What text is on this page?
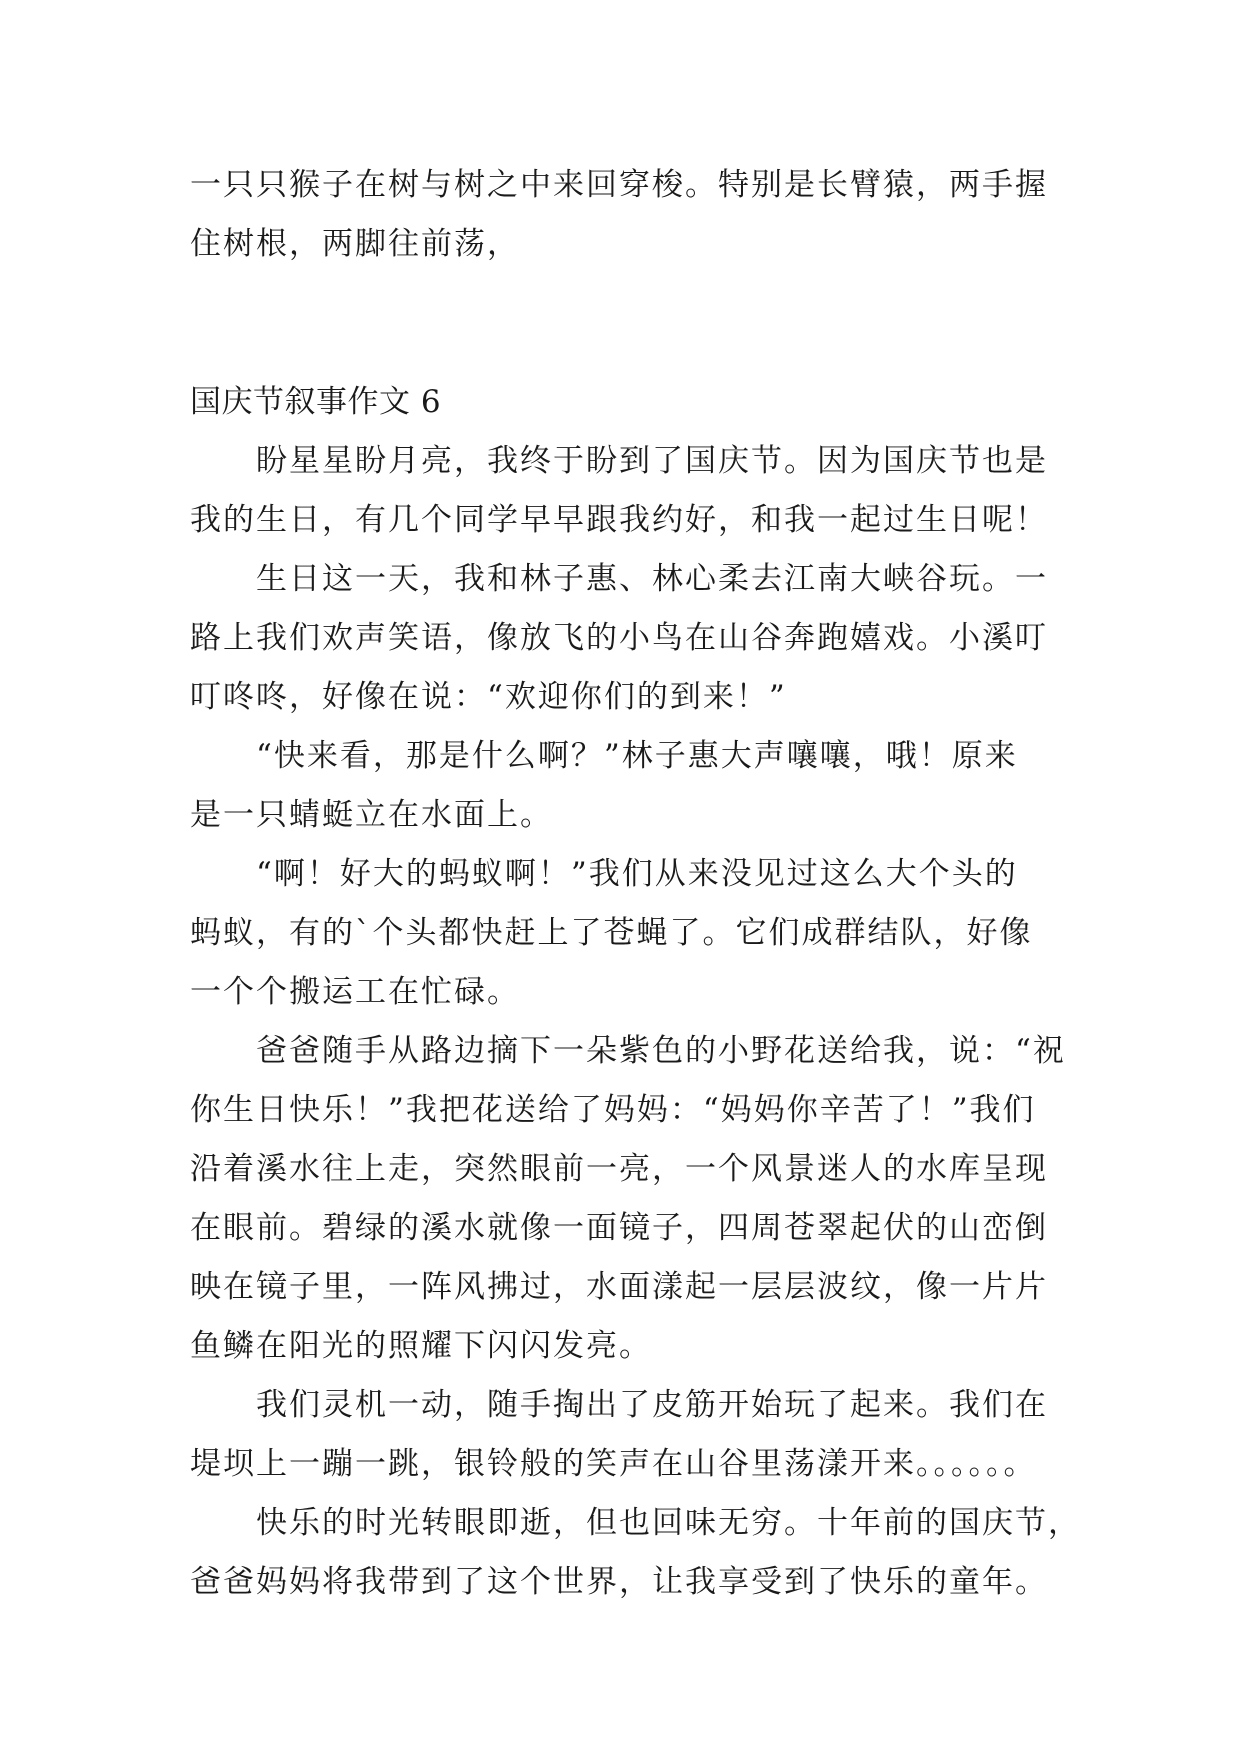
一只只猴子在树与树之中来回穿梭。特别是长臂猿，两手握
住树根，两脚往前荡，
国庆节叙事作文 6
盼星星盼月亮，我终于盼到了国庆节。因为国庆节也是
我的生日，有几个同学早早跟我约好，和我一起过生日呢！
生日这一天，我和林子惠、林心柔去江南大峡谷玩。一
路上我们欢声笑语，像放飞的小鸟在山谷奔跑嬉戏。小溪叮
叮咚咚，好像在说：“欢迎你们的到来！”
“快来看，那是什么啊？”林子惠大声嚷嚷，哦！原来
是一只蜻蜓立在水面上。
“啊！好大的蚂蚁啊！”我们从来没见过这么大个头的
蚂蚁，有的`个头都快赶上了苍蝇了。它们成群结队，好像
一个个搬运工在忙碌。
爸爸随手从路边摘下一朵紫色的小野花送给我，说：“祝
你生日快乐！”我把花送给了妈妈：“妈妈你辛苦了！”我们
沿着溪水往上走，突然眼前一亮，一个风景迷人的水库呈现
在眼前。碧绿的溪水就像一面镜子，四周苍翠起伏的山峦倒
映在镜子里，一阵风拂过，水面漾起一层层波纹，像一片片
鱼鳞在阳光的照耀下闪闪发亮。
我们灵机一动，随手掏出了皮筋开始玩了起来。我们在
堤坝上一蹦一跳，银铃般的笑声在山谷里荡漾开来。。。。。。
快乐的时光转眼即逝，但也回味无穷。十年前的国庆节，
爸爸妈妈将我带到了这个世界，让我享受到了快乐的童年。
